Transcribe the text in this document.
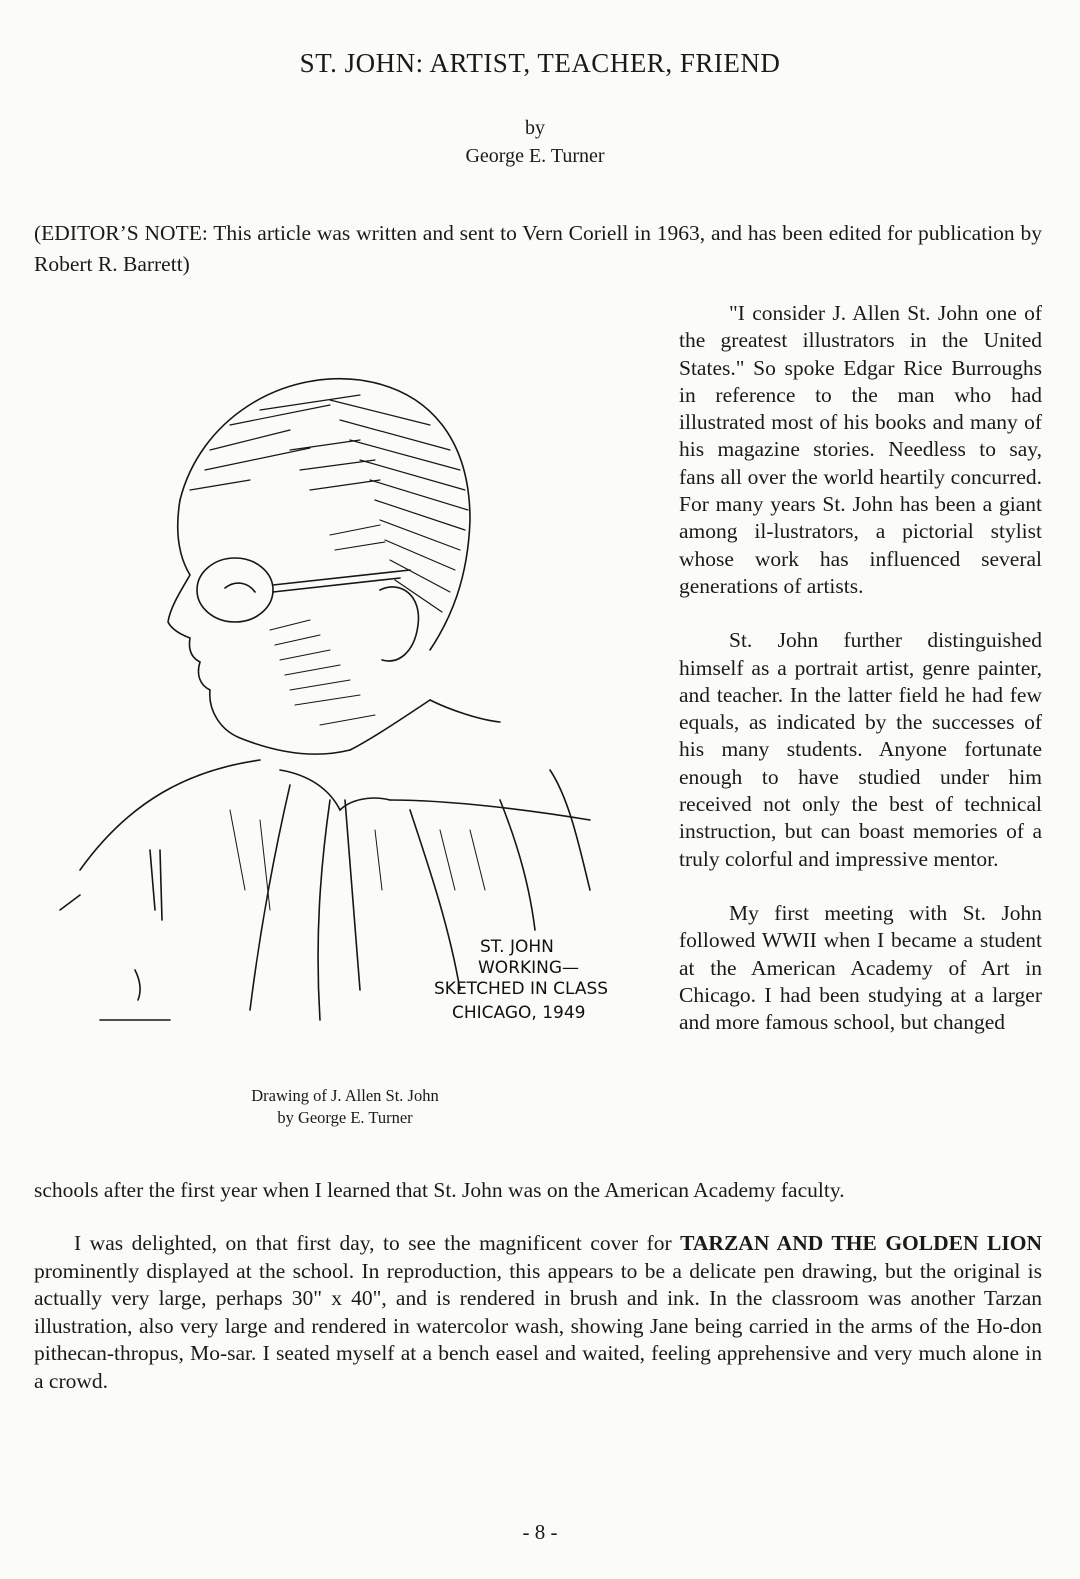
ST. JOHN: ARTIST, TEACHER, FRIEND
by
George E. Turner

(EDITOR’S NOTE: This article was written and sent to Vern Coriell in 1963, and has been edited for publication by Robert R. Barrett)

"I consider J. Allen St. John one of the greatest illustrators in the United States." So spoke Edgar Rice Burroughs in reference to the man who had illustrated most of his books and many of his magazine stories. Needless to say, fans all over the world heartily concurred. For many years St. John has been a giant among il-lustrators, a pictorial stylist whose work has influenced several generations of artists.

St. John further distinguished himself as a portrait artist, genre painter, and teacher. In the latter field he had few equals, as indicated by the successes of his many students. Anyone fortunate enough to have studied under him received not only the best of technical instruction, but can boast memories of a truly colorful and impressive mentor.

My first meeting with St. John followed WWII when I became a student at the American Academy of Art in Chicago. I had been studying at a larger and more famous school, but changed

schools after the first year when I learned that St. John was on the American Academy faculty.

I was delighted, on that first day, to see the magnificent cover for TARZAN AND THE GOLDEN LION prominently displayed at the school. In reproduction, this appears to be a delicate pen drawing, but the original is actually very large, perhaps 30" x 40", and is rendered in brush and ink. In the classroom was another Tarzan illustration, also very large and rendered in watercolor wash, showing Jane being carried in the arms of the Ho-don pithecan-thropus, Mo-sar. I seated myself at a bench easel and waited, feeling apprehensive and very much alone in a crowd.

ST. JOHN
WORKING—
SKETCHED IN CLASS
CHICAGO, 1949
Drawing of J. Allen St. John
by George E. Turner
- 8 -
